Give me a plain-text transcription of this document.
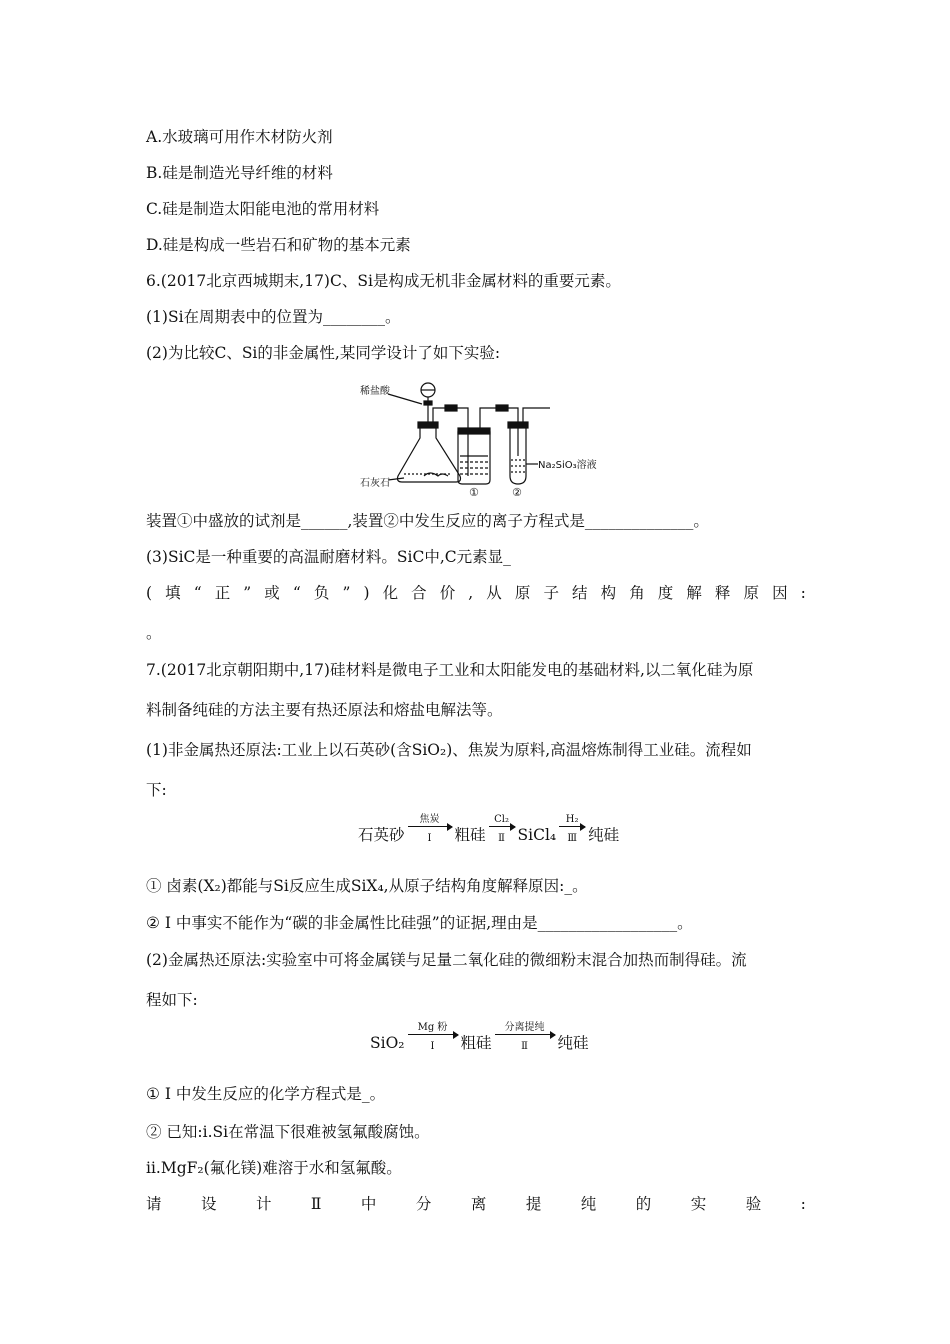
A.水玻璃可用作木材防火剂
B.硅是制造光导纤维的材料
C.硅是制造太阳能电池的常用材料
D.硅是构成一些岩石和矿物的基本元素
6.(2017北京西城期末,17)C、Si是构成无机非金属材料的重要元素。
(1)Si在周期表中的位置为________。
(2)为比较C、Si的非金属性,某同学设计了如下实验:
稀盐酸
石灰石
Na₂SiO₃溶液
①	②
装置①中盛放的试剂是______,装置②中发生反应的离子方程式是______________。
(3)SiC是一种重要的高温耐磨材料。SiC中,C元素显_
( 填 “ 正 ” 或 “ 负 ” ) 化 合 价 , 从 原 子 结 构 角 度 解 释 原 因 :
。
7.(2017北京朝阳期中,17)硅材料是微电子工业和太阳能发电的基础材料,以二氧化硅为原
料制备纯硅的方法主要有热还原法和熔盐电解法等。
(1)非金属热还原法:工业上以石英砂(含SiO₂)、焦炭为原料,高温熔炼制得工业硅。流程如
下:
石英砂
焦炭
Ⅰ 粗硅
Cl₂
Ⅱ SiCl₄
H₂
Ⅲ 纯硅
① 卤素(X₂)都能与Si反应生成SiX₄,从原子结构角度解释原因:_。
② Ⅰ 中事实不能作为“碳的非金属性比硅强”的证据,理由是__________________。
(2)金属热还原法:实验室中可将金属镁与足量二氧化硅的微细粉末混合加热而制得硅。流
程如下:
SiO₂
Mg 粉
Ⅰ 粗硅
分离提纯
Ⅱ 纯硅
① Ⅰ 中发生反应的化学方程式是_。
② 已知:ⅰ.Si在常温下很难被氢氟酸腐蚀。
ⅱ.MgF₂(氟化镁)难溶于水和氢氟酸。
请	设	计	Ⅱ	中	分	离	提	纯	的	实	验	:
